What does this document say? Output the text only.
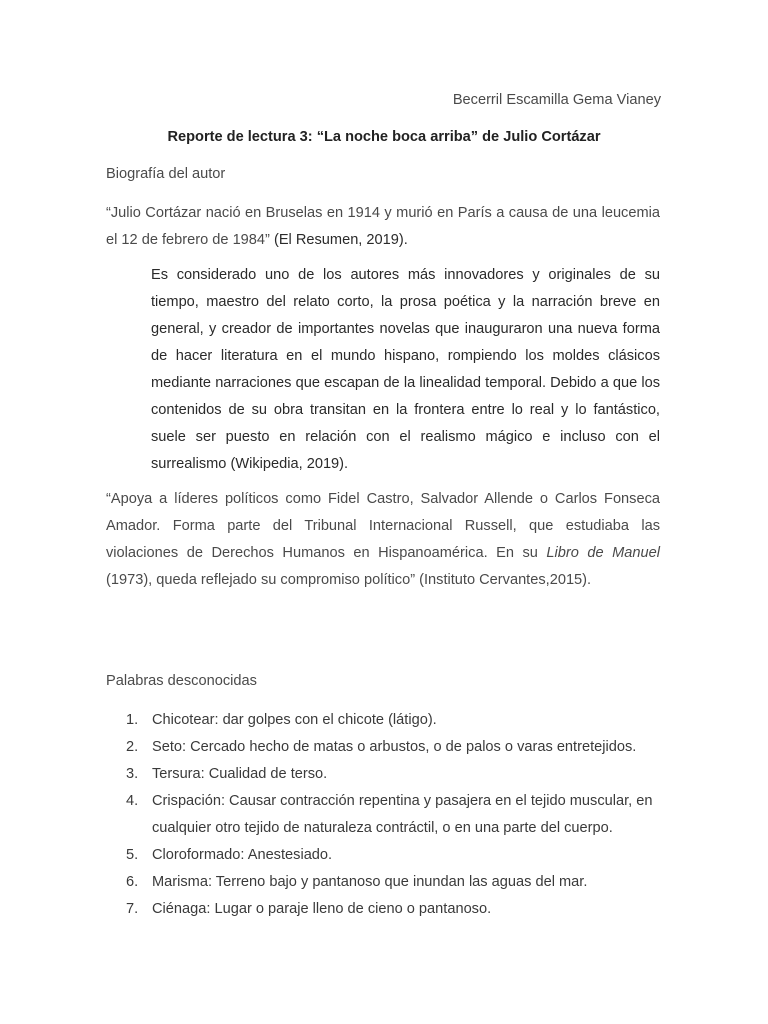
Becerril Escamilla Gema Vianey
Reporte de lectura 3: “La noche boca arriba” de Julio Cortázar
Biografía del autor
“Julio Cortázar nació en Bruselas en 1914 y murió en París a causa de una leucemia el 12 de febrero de 1984” (El Resumen, 2019).
Es considerado uno de los autores más innovadores y originales de su tiempo, maestro del relato corto, la prosa poética y la narración breve en general, y creador de importantes novelas que inauguraron una nueva forma de hacer literatura en el mundo hispano, rompiendo los moldes clásicos mediante narraciones que escapan de la linealidad temporal. Debido a que los contenidos de su obra transitan en la frontera entre lo real y lo fantástico, suele ser puesto en relación con el realismo mágico e incluso con el surrealismo (Wikipedia, 2019).
“Apoya a líderes políticos como Fidel Castro, Salvador Allende o Carlos Fonseca Amador. Forma parte del Tribunal Internacional Russell, que estudiaba las violaciones de Derechos Humanos en Hispanoamérica. En su Libro de Manuel (1973), queda reflejado su compromiso político” (Instituto Cervantes,2015).
Palabras desconocidas
1. Chicotear: dar golpes con el chicote (látigo).
2. Seto: Cercado hecho de matas o arbustos, o de palos o varas entretejidos.
3. Tersura: Cualidad de terso.
4. Crispación: Causar contracción repentina y pasajera en el tejido muscular, en cualquier otro tejido de naturaleza contráctil, o en una parte del cuerpo.
5. Cloroformado: Anestesiado.
6. Marisma: Terreno bajo y pantanoso que inundan las aguas del mar.
7. Ciénaga: Lugar o paraje lleno de cieno o pantanoso.
